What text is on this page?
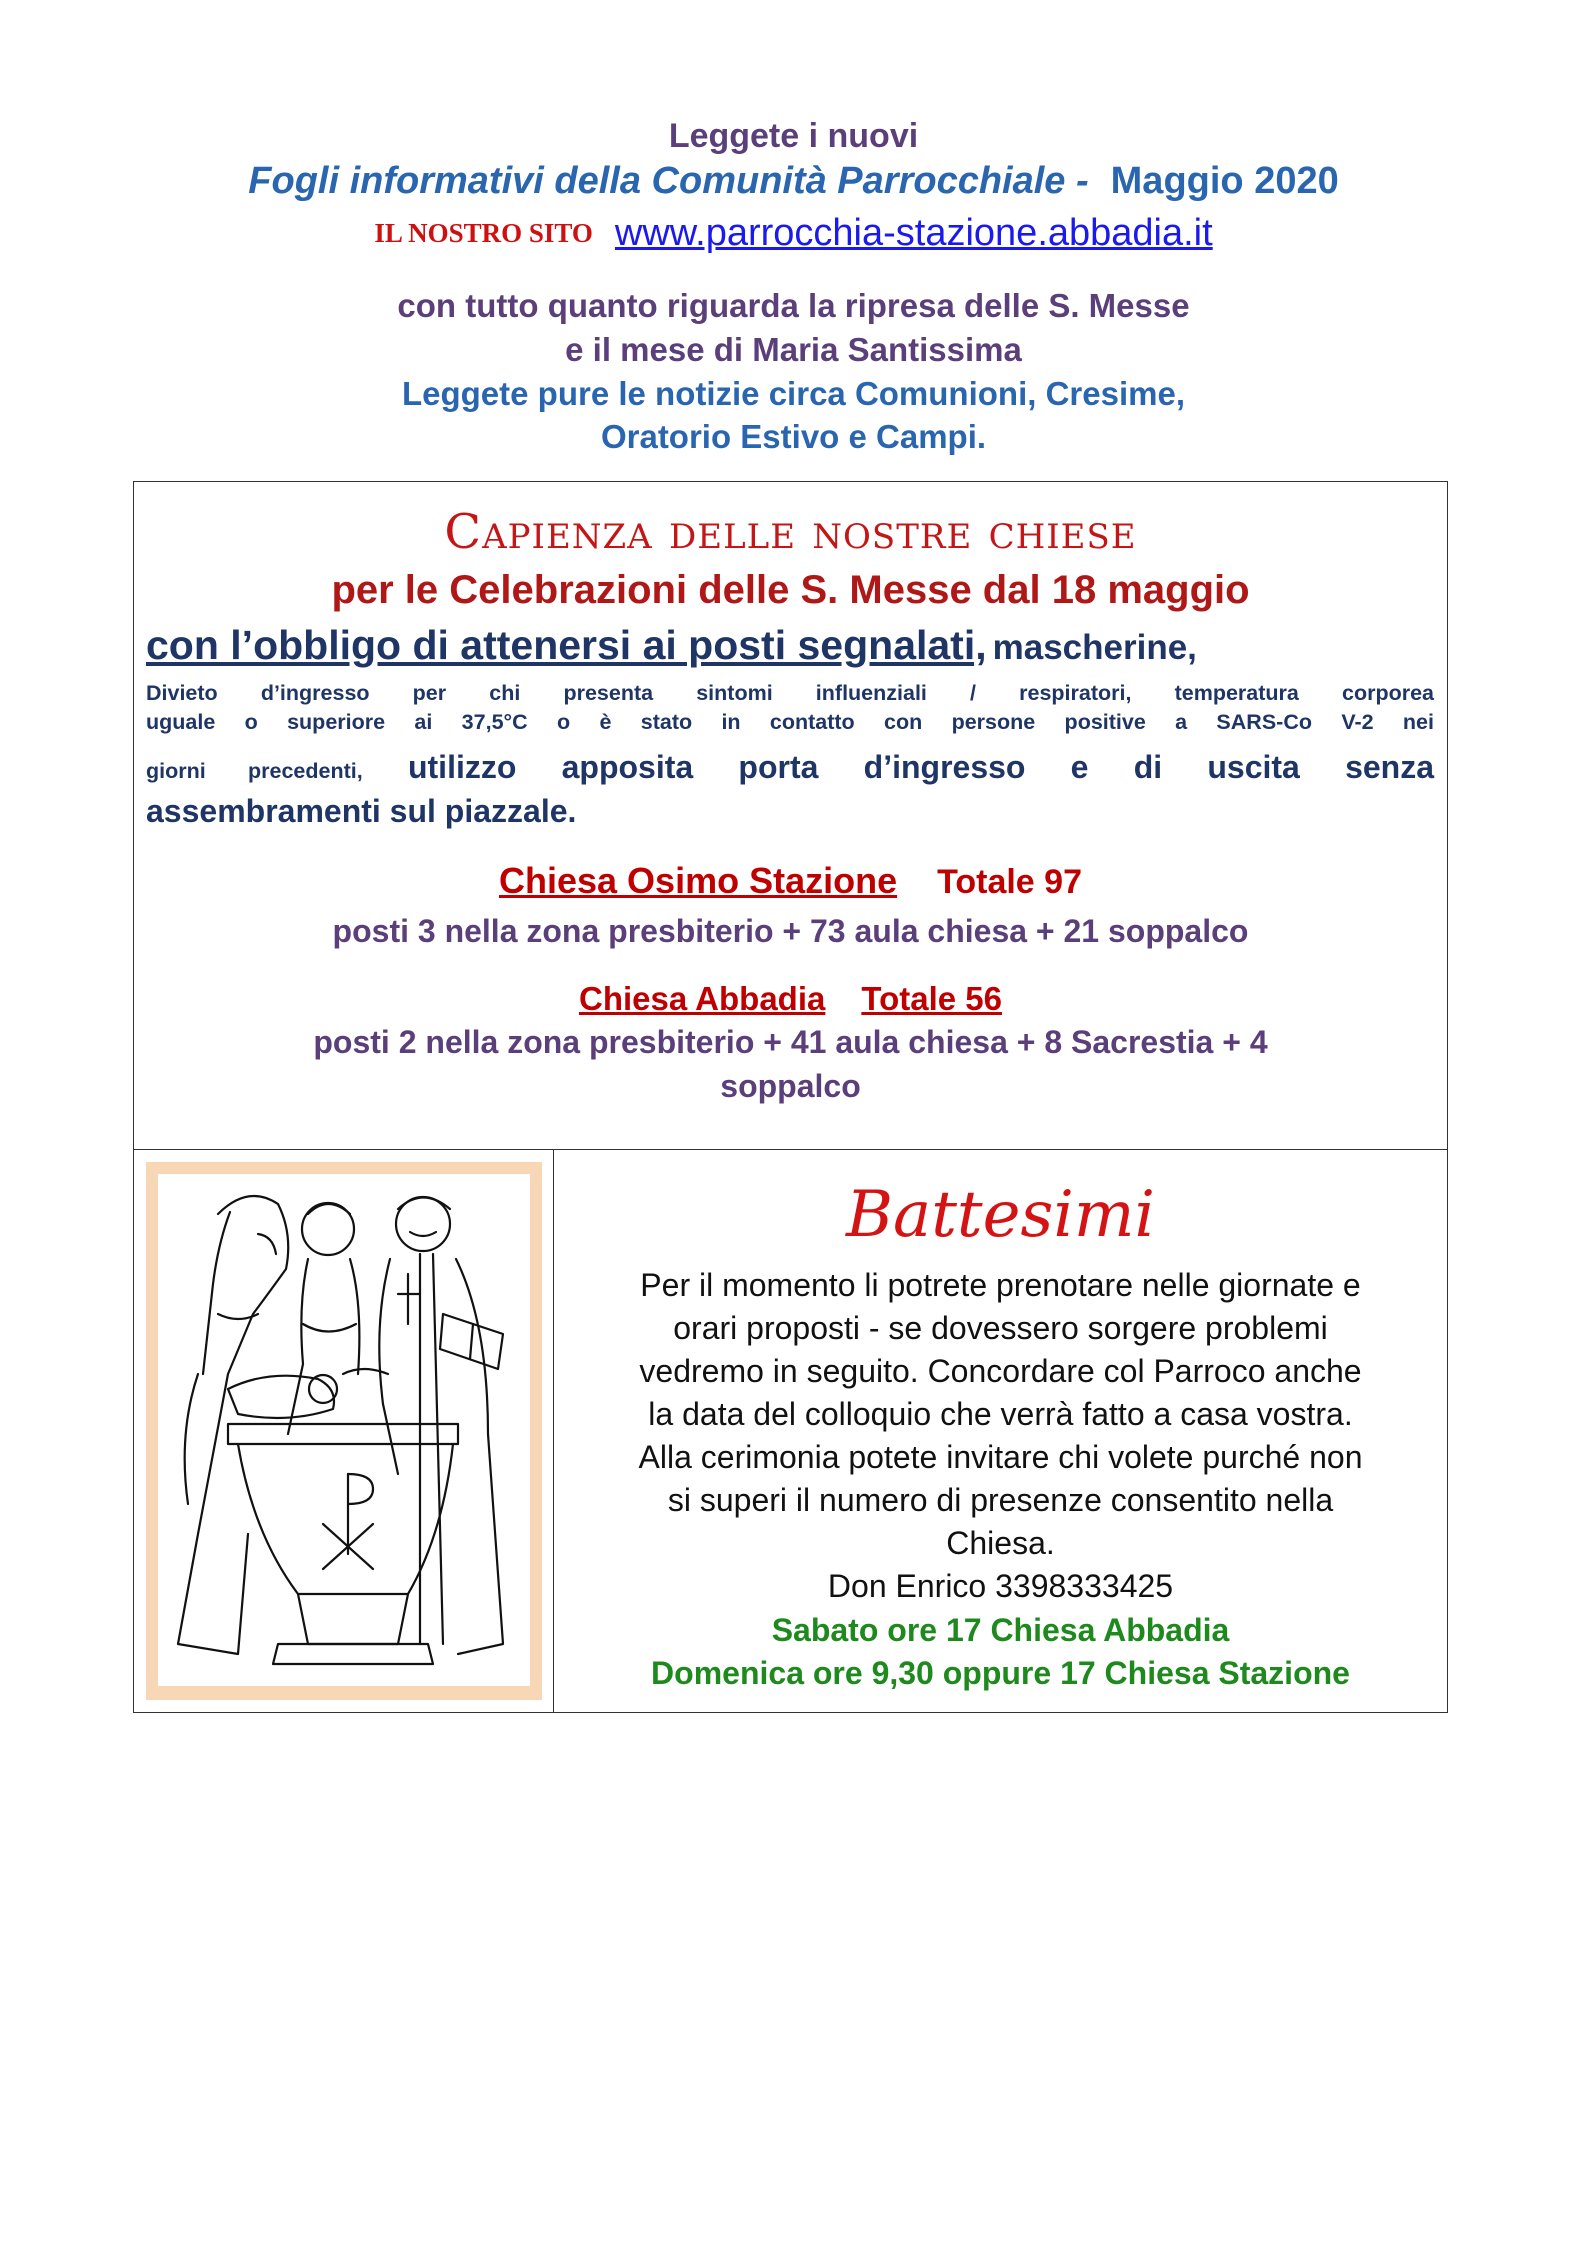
Leggete i nuovi
Fogli informativi della Comunità Parrocchiale - Maggio 2020
IL NOSTRO SITO www.parrocchia-stazione.abbadia.it
con tutto quanto riguarda la ripresa delle S. Messe
e il mese di Maria Santissima
Leggete pure le notizie circa Comunioni, Cresime,
Oratorio Estivo e Campi.
Capienza delle nostre chiese
per le Celebrazioni delle S. Messe dal 18 maggio
con l’obbligo di attenersi ai posti segnalati, mascherine,
Divieto d’ingresso per chi presenta sintomi influenziali / respiratori, temperatura corporea
uguale o superiore ai 37,5°C o è stato in contatto con persone positive a SARS-Co V-2 nei
giorni precedenti, utilizzo apposita porta d’ingresso e di uscita senza
assembramenti sul piazzale.
Chiesa Osimo Stazione Totale 97
posti 3 nella zona presbiterio + 73 aula chiesa + 21 soppalco
Chiesa Abbadia Totale 56
posti 2 nella zona presbiterio + 41 aula chiesa + 8 Sacrestia + 4
soppalco
Battesimi
Per il momento li potrete prenotare nelle giornate e
orari proposti - se dovessero sorgere problemi
vedremo in seguito. Concordare col Parroco anche
la data del colloquio che verrà fatto a casa vostra.
Alla cerimonia potete invitare chi volete purché non
si superi il numero di presenze consentito nella
Chiesa.
Don Enrico 3398333425
Sabato ore 17 Chiesa Abbadia
Domenica ore 9,30 oppure 17 Chiesa Stazione
